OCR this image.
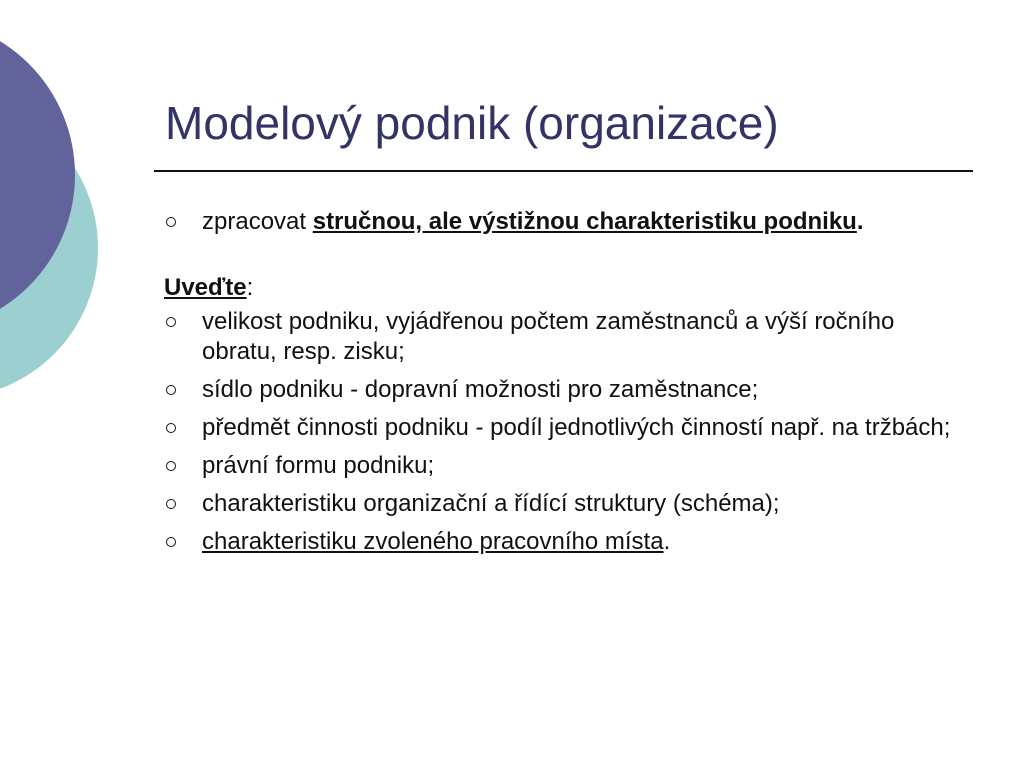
Modelový podnik (organizace)
zpracovat stručnou, ale výstižnou charakteristiku podniku.
Uveďte:
velikost podniku, vyjádřenou počtem zaměstnanců a výší ročního obratu, resp. zisku;
sídlo podniku - dopravní možnosti pro zaměstnance;
předmět činnosti podniku - podíl jednotlivých činností např. na tržbách;
právní formu podniku;
charakteristiku organizační a řídící struktury (schéma);
charakteristiku zvoleného pracovního místa.
